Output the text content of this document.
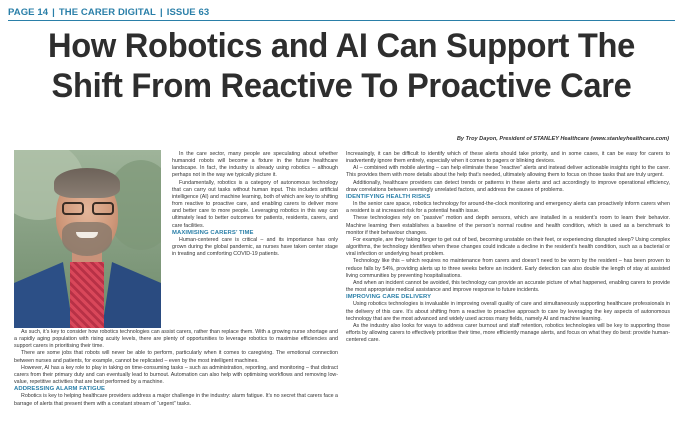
PAGE 14 | THE CARER DIGITAL | ISSUE 63
How Robotics and AI Can Support The
Shift From Reactive To Proactive Care
By Troy Dayon, President of STANLEY Healthcare (www.stanleyhealthcare.com)

In the care sector, many people are speculating about whether humanoid robots will become a fixture in the future healthcare landscape. In fact, the industry is already using robotics – although perhaps not in the way we typically picture it.

Fundamentally, robotics is a category of autonomous technology that can carry out tasks without human input. This includes artificial intelligence (AI) and machine learning, both of which are key to shifting from reactive to proactive care, and enabling carers to deliver more and better care to more people. Leveraging robotics in this way can ultimately lead to better outcomes for patients, residents, carers, and care facilities.

MAXIMISING CARERS’ TIME

Human-centered care is critical – and its importance has only grown during the global pandemic, as nurses have taken center stage in treating and comforting COVID-19 patients.

As such, it’s key to consider how robotics technologies can assist carers, rather than replace them. With a growing nurse shortage and a rapidly aging population with rising acuity levels, there are plenty of opportunities to leverage robotics to maximise efficiencies and support carers in prioritising their time.

There are some jobs that robots will never be able to perform, particularly when it comes to caregiving. The emotional connection between nurses and patients, for example, cannot be replicated – even by the most intelligent machines.

However, AI has a key role to play in taking on time-consuming tasks – such as administration, reporting, and monitoring – that distract carers from their primary duty and can eventually lead to burnout. Automation can also help with optimising workflows and removing low-value, repetitive activities that are best performed by a machine.

ADDRESSING ALARM FATIGUE

Robotics is key to helping healthcare providers address a major challenge in the industry: alarm fatigue. It’s no secret that carers face a barrage of alerts that present them with a constant stream of “urgent” tasks.

Increasingly, it can be difficult to identify which of these alerts should take priority, and in some cases, it can be easy for carers to inadvertently ignore them entirely, especially when it comes to pagers or blinking devices.

AI – combined with mobile alerting – can help eliminate these “reactive” alerts and instead deliver actionable insights right to the carer. This provides them with more details about the help that’s needed, ultimately allowing them to focus on those tasks that are truly urgent.

Additionally, healthcare providers can detect trends or patterns in these alerts and act accordingly to improve operational efficiency, draw correlations between seemingly unrelated factors, and address the causes of problems.

IDENTIFYING HEALTH RISKS

In the senior care space, robotics technology for around-the-clock monitoring and emergency alerts can proactively inform carers when a resident is at increased risk for a potential health issue.

These technologies rely on “passive” motion and depth sensors, which are installed in a resident’s room to learn their behavior. Machine learning then establishes a baseline of the person’s normal routine and health condition, which is used as a benchmark to monitor if their behaviour changes.

For example, are they taking longer to get out of bed, becoming unstable on their feet, or experiencing disrupted sleep? Using complex algorithms, the technology identifies when these changes could indicate a decline in the resident’s health condition, such as a bacterial or viral infection or underlying heart problem.

Technology like this – which requires no maintenance from carers and doesn’t need to be worn by the resident – has been proven to reduce falls by 54%, providing alerts up to three weeks before an incident. Early detection can also double the length of stay at assisted living communities by preventing hospitalisations.

And when an incident cannot be avoided, this technology can provide an accurate picture of what happened, enabling carers to provide the most appropriate medical assistance and improve response to future incidents.

IMPROVING CARE DELIVERY

Using robotics technologies is invaluable in improving overall quality of care and simultaneously supporting healthcare professionals in the delivery of this care. It’s about shifting from a reactive to proactive approach to care by leveraging the key aspects of autonomous technology that are the most advanced and widely used across many fields, namely AI and machine learning.

As the industry also looks for ways to address carer burnout and staff retention, robotics technologies will be key to supporting those efforts by allowing carers to effectively prioritise their time, more efficiently manage alerts, and focus on what they do best: provide human-centered care.
